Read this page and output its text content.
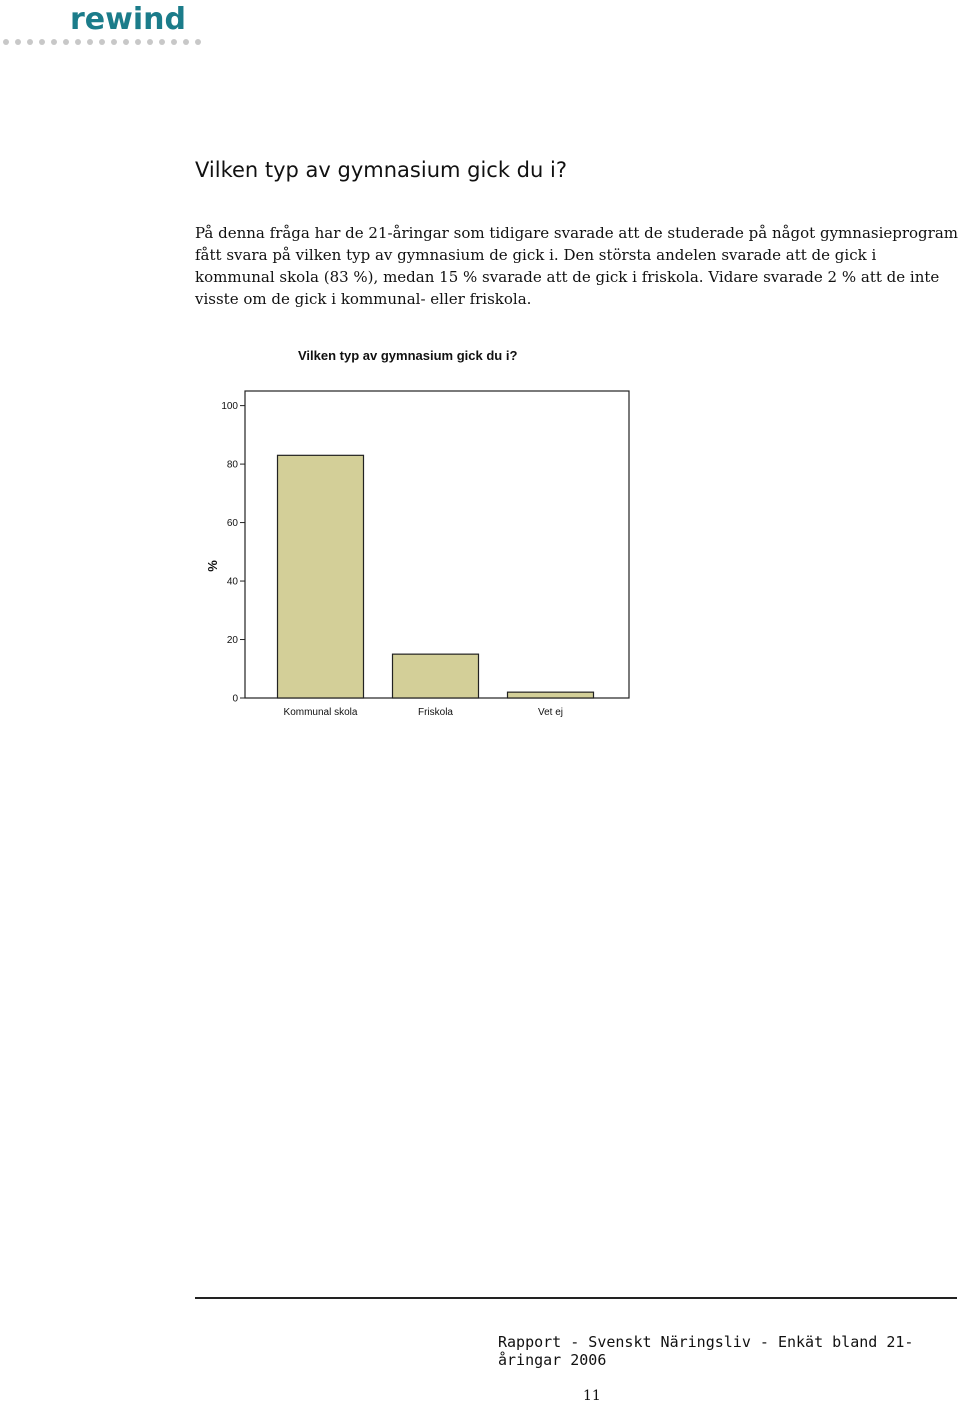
rewind
Vilken typ av gymnasium gick du i?

På denna fråga har de 21-åringar som tidigare svarade att de studerade på något gymnasieprogram fått svara på vilken typ av gymnasium de gick i. Den största andelen svarade att de gick i kommunal skola (83 %), medan 15 % svarade att de gick i friskola. Vidare svarade 2 % att de inte visste om de gick i kommunal- eller friskola.

Vilken typ av gymnasium gick du i?
%
0
20
40
60
80
100
Kommunal skola	Friskola	Vet ej
Rapport - Svenskt Näringsliv - Enkät bland 21-åringar 2006
11
